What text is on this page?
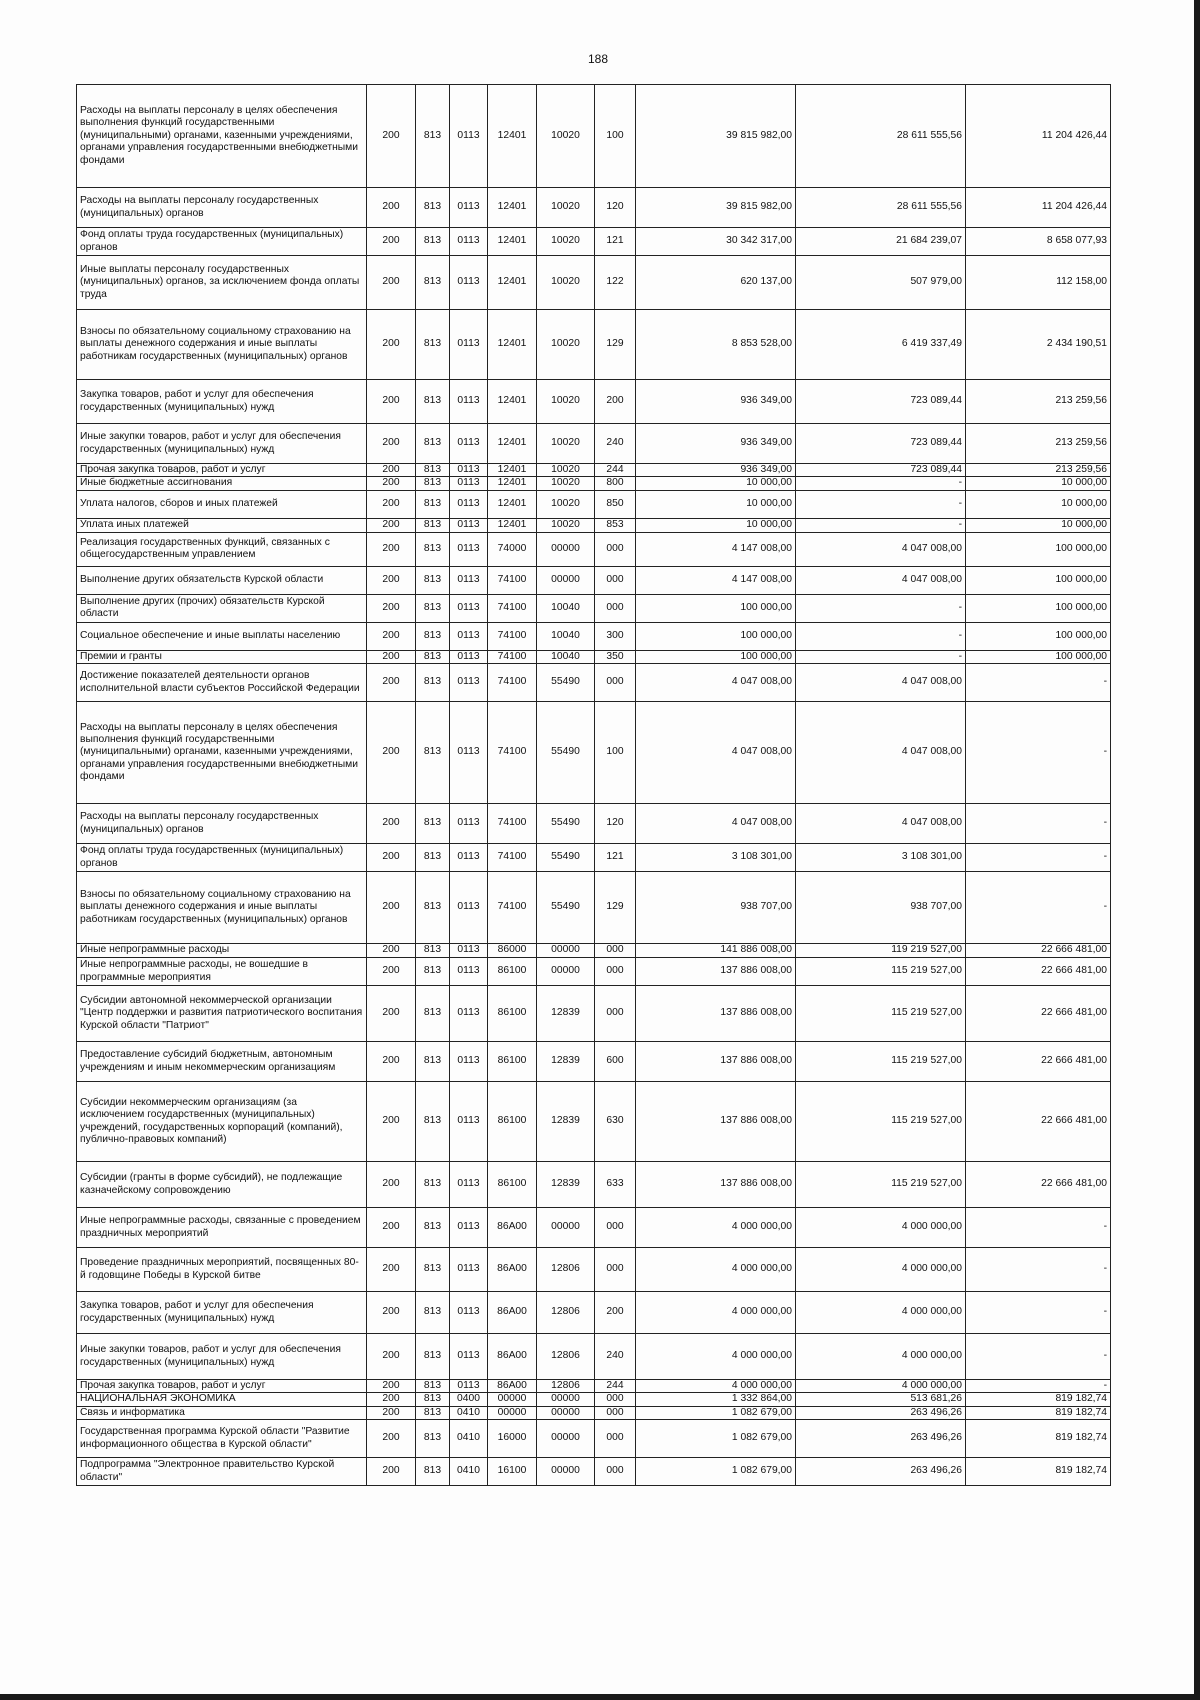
188
Расходы на выплаты персоналу в целях обеспечения выполнения функций государственными (муниципальными) органами, казенными учреждениями, органами управления государственными внебюджетными фондами	200	813	0113	12401	10020	100	39 815 982,00	28 611 555,56	11 204 426,44
Расходы на выплаты персоналу государственных (муниципальных) органов	200	813	0113	12401	10020	120	39 815 982,00	28 611 555,56	11 204 426,44
Фонд оплаты труда государственных (муниципальных) органов	200	813	0113	12401	10020	121	30 342 317,00	21 684 239,07	8 658 077,93
Иные выплаты персоналу государственных (муниципальных) органов, за исключением фонда оплаты труда	200	813	0113	12401	10020	122	620 137,00	507 979,00	112 158,00
Взносы по обязательному социальному страхованию на выплаты денежного содержания и иные выплаты работникам государственных (муниципальных) органов	200	813	0113	12401	10020	129	8 853 528,00	6 419 337,49	2 434 190,51
Закупка товаров, работ и услуг для обеспечения государственных (муниципальных) нужд	200	813	0113	12401	10020	200	936 349,00	723 089,44	213 259,56
Иные закупки товаров, работ и услуг для обеспечения государственных (муниципальных) нужд	200	813	0113	12401	10020	240	936 349,00	723 089,44	213 259,56
Прочая закупка товаров, работ и услуг	200	813	0113	12401	10020	244	936 349,00	723 089,44	213 259,56
Иные бюджетные ассигнования	200	813	0113	12401	10020	800	10 000,00	-	10 000,00
Уплата налогов, сборов и иных платежей	200	813	0113	12401	10020	850	10 000,00	-	10 000,00
Уплата иных платежей	200	813	0113	12401	10020	853	10 000,00	-	10 000,00
Реализация государственных функций, связанных с общегосударственным управлением	200	813	0113	74000	00000	000	4 147 008,00	4 047 008,00	100 000,00
Выполнение других обязательств Курской области	200	813	0113	74100	00000	000	4 147 008,00	4 047 008,00	100 000,00
Выполнение других (прочих) обязательств Курской области	200	813	0113	74100	10040	000	100 000,00	-	100 000,00
Социальное обеспечение и иные выплаты населению	200	813	0113	74100	10040	300	100 000,00	-	100 000,00
Премии и гранты	200	813	0113	74100	10040	350	100 000,00	-	100 000,00
Достижение показателей деятельности органов исполнительной власти субъектов Российской Федерации	200	813	0113	74100	55490	000	4 047 008,00	4 047 008,00	-
Расходы на выплаты персоналу в целях обеспечения выполнения функций государственными (муниципальными) органами, казенными учреждениями, органами управления государственными внебюджетными фондами	200	813	0113	74100	55490	100	4 047 008,00	4 047 008,00	-
Расходы на выплаты персоналу государственных (муниципальных) органов	200	813	0113	74100	55490	120	4 047 008,00	4 047 008,00	-
Фонд оплаты труда государственных (муниципальных) органов	200	813	0113	74100	55490	121	3 108 301,00	3 108 301,00	-
Взносы по обязательному социальному страхованию на выплаты денежного содержания и иные выплаты работникам государственных (муниципальных) органов	200	813	0113	74100	55490	129	938 707,00	938 707,00	-
Иные непрограммные расходы	200	813	0113	86000	00000	000	141 886 008,00	119 219 527,00	22 666 481,00
Иные непрограммные расходы, не вошедшие в программные мероприятия	200	813	0113	86100	00000	000	137 886 008,00	115 219 527,00	22 666 481,00
Субсидии автономной некоммерческой организации "Центр поддержки и развития патриотического воспитания Курской области "Патриот"	200	813	0113	86100	12839	000	137 886 008,00	115 219 527,00	22 666 481,00
Предоставление субсидий бюджетным, автономным учреждениям и иным некоммерческим организациям	200	813	0113	86100	12839	600	137 886 008,00	115 219 527,00	22 666 481,00
Субсидии некоммерческим организациям (за исключением государственных (муниципальных) учреждений, государственных корпораций (компаний), публично-правовых компаний)	200	813	0113	86100	12839	630	137 886 008,00	115 219 527,00	22 666 481,00
Субсидии (гранты в форме субсидий), не подлежащие казначейскому сопровождению	200	813	0113	86100	12839	633	137 886 008,00	115 219 527,00	22 666 481,00
Иные непрограммные расходы, связанные с проведением праздничных мероприятий	200	813	0113	86А00	00000	000	4 000 000,00	4 000 000,00	-
Проведение праздничных мероприятий, посвященных 80-й годовщине Победы в Курской битве	200	813	0113	86А00	12806	000	4 000 000,00	4 000 000,00	-
Закупка товаров, работ и услуг для обеспечения государственных (муниципальных) нужд	200	813	0113	86А00	12806	200	4 000 000,00	4 000 000,00	-
Иные закупки товаров, работ и услуг для обеспечения государственных (муниципальных) нужд	200	813	0113	86А00	12806	240	4 000 000,00	4 000 000,00	-
Прочая закупка товаров, работ и услуг	200	813	0113	86А00	12806	244	4 000 000,00	4 000 000,00	-
НАЦИОНАЛЬНАЯ ЭКОНОМИКА	200	813	0400	00000	00000	000	1 332 864,00	513 681,26	819 182,74
Связь и информатика	200	813	0410	00000	00000	000	1 082 679,00	263 496,26	819 182,74
Государственная программа Курской области "Развитие информационного общества в Курской области"	200	813	0410	16000	00000	000	1 082 679,00	263 496,26	819 182,74
Подпрограмма "Электронное правительство Курской области"	200	813	0410	16100	00000	000	1 082 679,00	263 496,26	819 182,74
